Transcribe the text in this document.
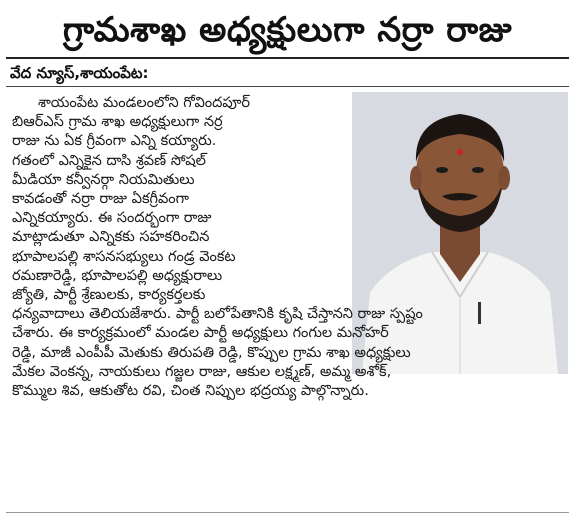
గ్రామశాఖ అధ్యక్షులుగా నర్రా రాజు
వేద న్యూస్,శాయంపేట:
శాయంపేట మండలంలోని గోవిందపూర్
బిఆర్ఎస్ గ్రామ శాఖ అధ్యక్షులుగా నర్ర
రాజు ను ఏక గ్రీవంగా ఎన్ని కయ్యారు.
గతంలో ఎన్నికైన దాసి శ్రవణ్ సోషల్
మీడియా కన్వీనర్గా నియమితులు
కావడంతో నర్రా రాజు ఏకగ్రీవంగా
ఎన్నికయ్యారు. ఈ సందర్భంగా రాజు
మాట్లాడుతూ ఎన్నికకు సహకరించిన
భూపాలపల్లి శాసనసభ్యులు గండ్ర వెంకట
రమణారెడ్డి, భూపాలపల్లి అధ్యక్షురాలు
జ్యోతి, పార్టీ శ్రేణులకు, కార్యకర్తలకు
ధన్యవాదాలు తెలియజేశారు. పార్టీ బలోపేతానికి కృషి చేస్తానని రాజు స్పష్టం
చేశారు. ఈ కార్యక్రమంలో మండల పార్టీ అధ్యక్షులు గంగుల మనోహర్
రెడ్డి, మాజీ ఎంపీపీ మెతుకు తిరుపతి రెడ్డి, కొప్పుల గ్రామ శాఖ అధ్యక్షులు
మేకల వెంకన్న, నాయకులు గజ్జల రాజు, ఆకుల లక్ష్మణ్, అమ్మ అశోక్,
కొమ్ముల శివ, ఆకుతోట రవి, చింత నిప్పుల భద్రయ్య పాల్గొన్నారు.
